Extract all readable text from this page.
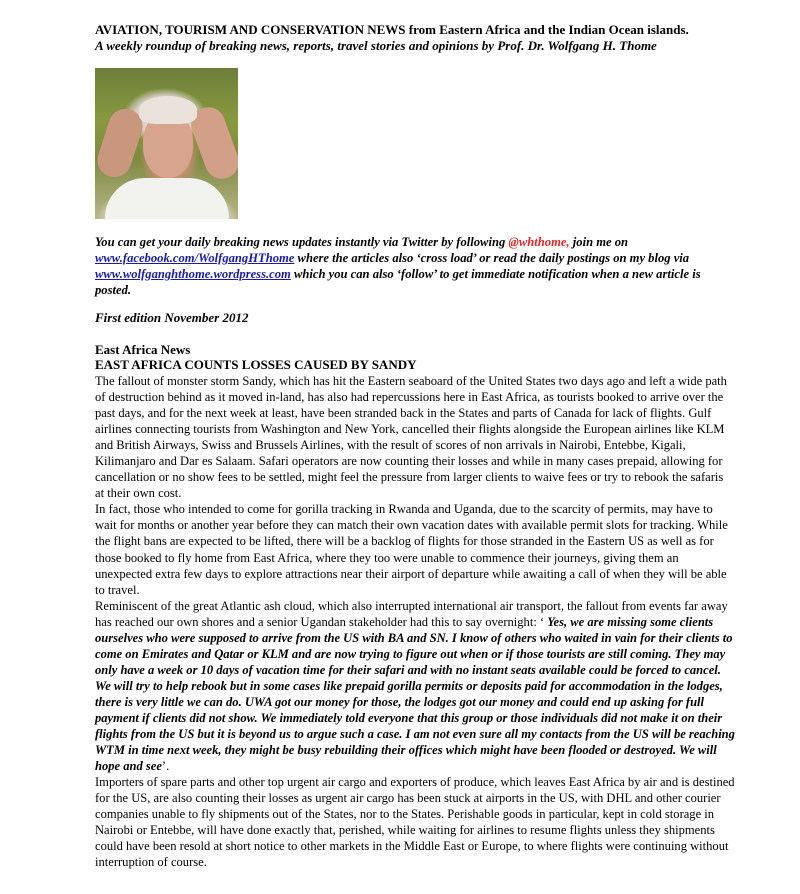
AVIATION, TOURISM AND CONSERVATION NEWS from Eastern Africa and the Indian Ocean islands.

A weekly roundup of breaking news, reports, travel stories and opinions by Prof. Dr. Wolfgang H. Thome

You can get your daily breaking news updates instantly via Twitter by following @whthome, join me on www.facebook.com/WolfgangHThome where the articles also ‘cross load’ or read the daily postings on my blog via www.wolfganghthome.wordpress.com which you can also ‘follow’ to get immediate notification when a new article is posted.

First edition November 2012

East Africa News

EAST AFRICA COUNTS LOSSES CAUSED BY SANDY

The fallout of monster storm Sandy, which has hit the Eastern seaboard of the United States two days ago and left a wide path of destruction behind as it moved in-land, has also had repercussions here in East Africa, as tourists booked to arrive over the past days, and for the next week at least, have been stranded back in the States and parts of Canada for lack of flights. Gulf airlines connecting tourists from Washington and New York, cancelled their flights alongside the European airlines like KLM and British Airways, Swiss and Brussels Airlines, with the result of scores of non arrivals in Nairobi, Entebbe, Kigali, Kilimanjaro and Dar es Salaam. Safari operators are now counting their losses and while in many cases prepaid, allowing for cancellation or no show fees to be settled, might feel the pressure from larger clients to waive fees or try to rebook the safaris at their own cost.

In fact, those who intended to come for gorilla tracking in Rwanda and Uganda, due to the scarcity of permits, may have to wait for months or another year before they can match their own vacation dates with available permit slots for tracking. While the flight bans are expected to be lifted, there will be a backlog of flights for those stranded in the Eastern US as well as for those booked to fly home from East Africa, where they too were unable to commence their journeys, giving them an unexpected extra few days to explore attractions near their airport of departure while awaiting a call of when they will be able to travel.

Reminiscent of the great Atlantic ash cloud, which also interrupted international air transport, the fallout from events far away has reached our own shores and a senior Ugandan stakeholder had this to say overnight: ‘ Yes, we are missing some clients ourselves who were supposed to arrive from the US with BA and SN. I know of others who waited in vain for their clients to come on Emirates and Qatar or KLM and are now trying to figure out when or if those tourists are still coming. They may only have a week or 10 days of vacation time for their safari and with no instant seats available could be forced to cancel. We will try to help rebook but in some cases like prepaid gorilla permits or deposits paid for accommodation in the lodges, there is very little we can do. UWA got our money for those, the lodges got our money and could end up asking for full payment if clients did not show. We immediately told everyone that this group or those individuals did not make it on their flights from the US but it is beyond us to argue such a case. I am not even sure all my contacts from the US will be reaching WTM in time next week, they might be busy rebuilding their offices which might have been flooded or destroyed. We will hope and see’.

Importers of spare parts and other top urgent air cargo and exporters of produce, which leaves East Africa by air and is destined for the US, are also counting their losses as urgent air cargo has been stuck at airports in the US, with DHL and other courier companies unable to fly shipments out of the States, nor to the States. Perishable goods in particular, kept in cold storage in Nairobi or Entebbe, will have done exactly that, perished, while waiting for airlines to resume flights unless they shipments could have been resold at short notice to other markets in the Middle East or Europe, to where flights were continuing without interruption of course.
